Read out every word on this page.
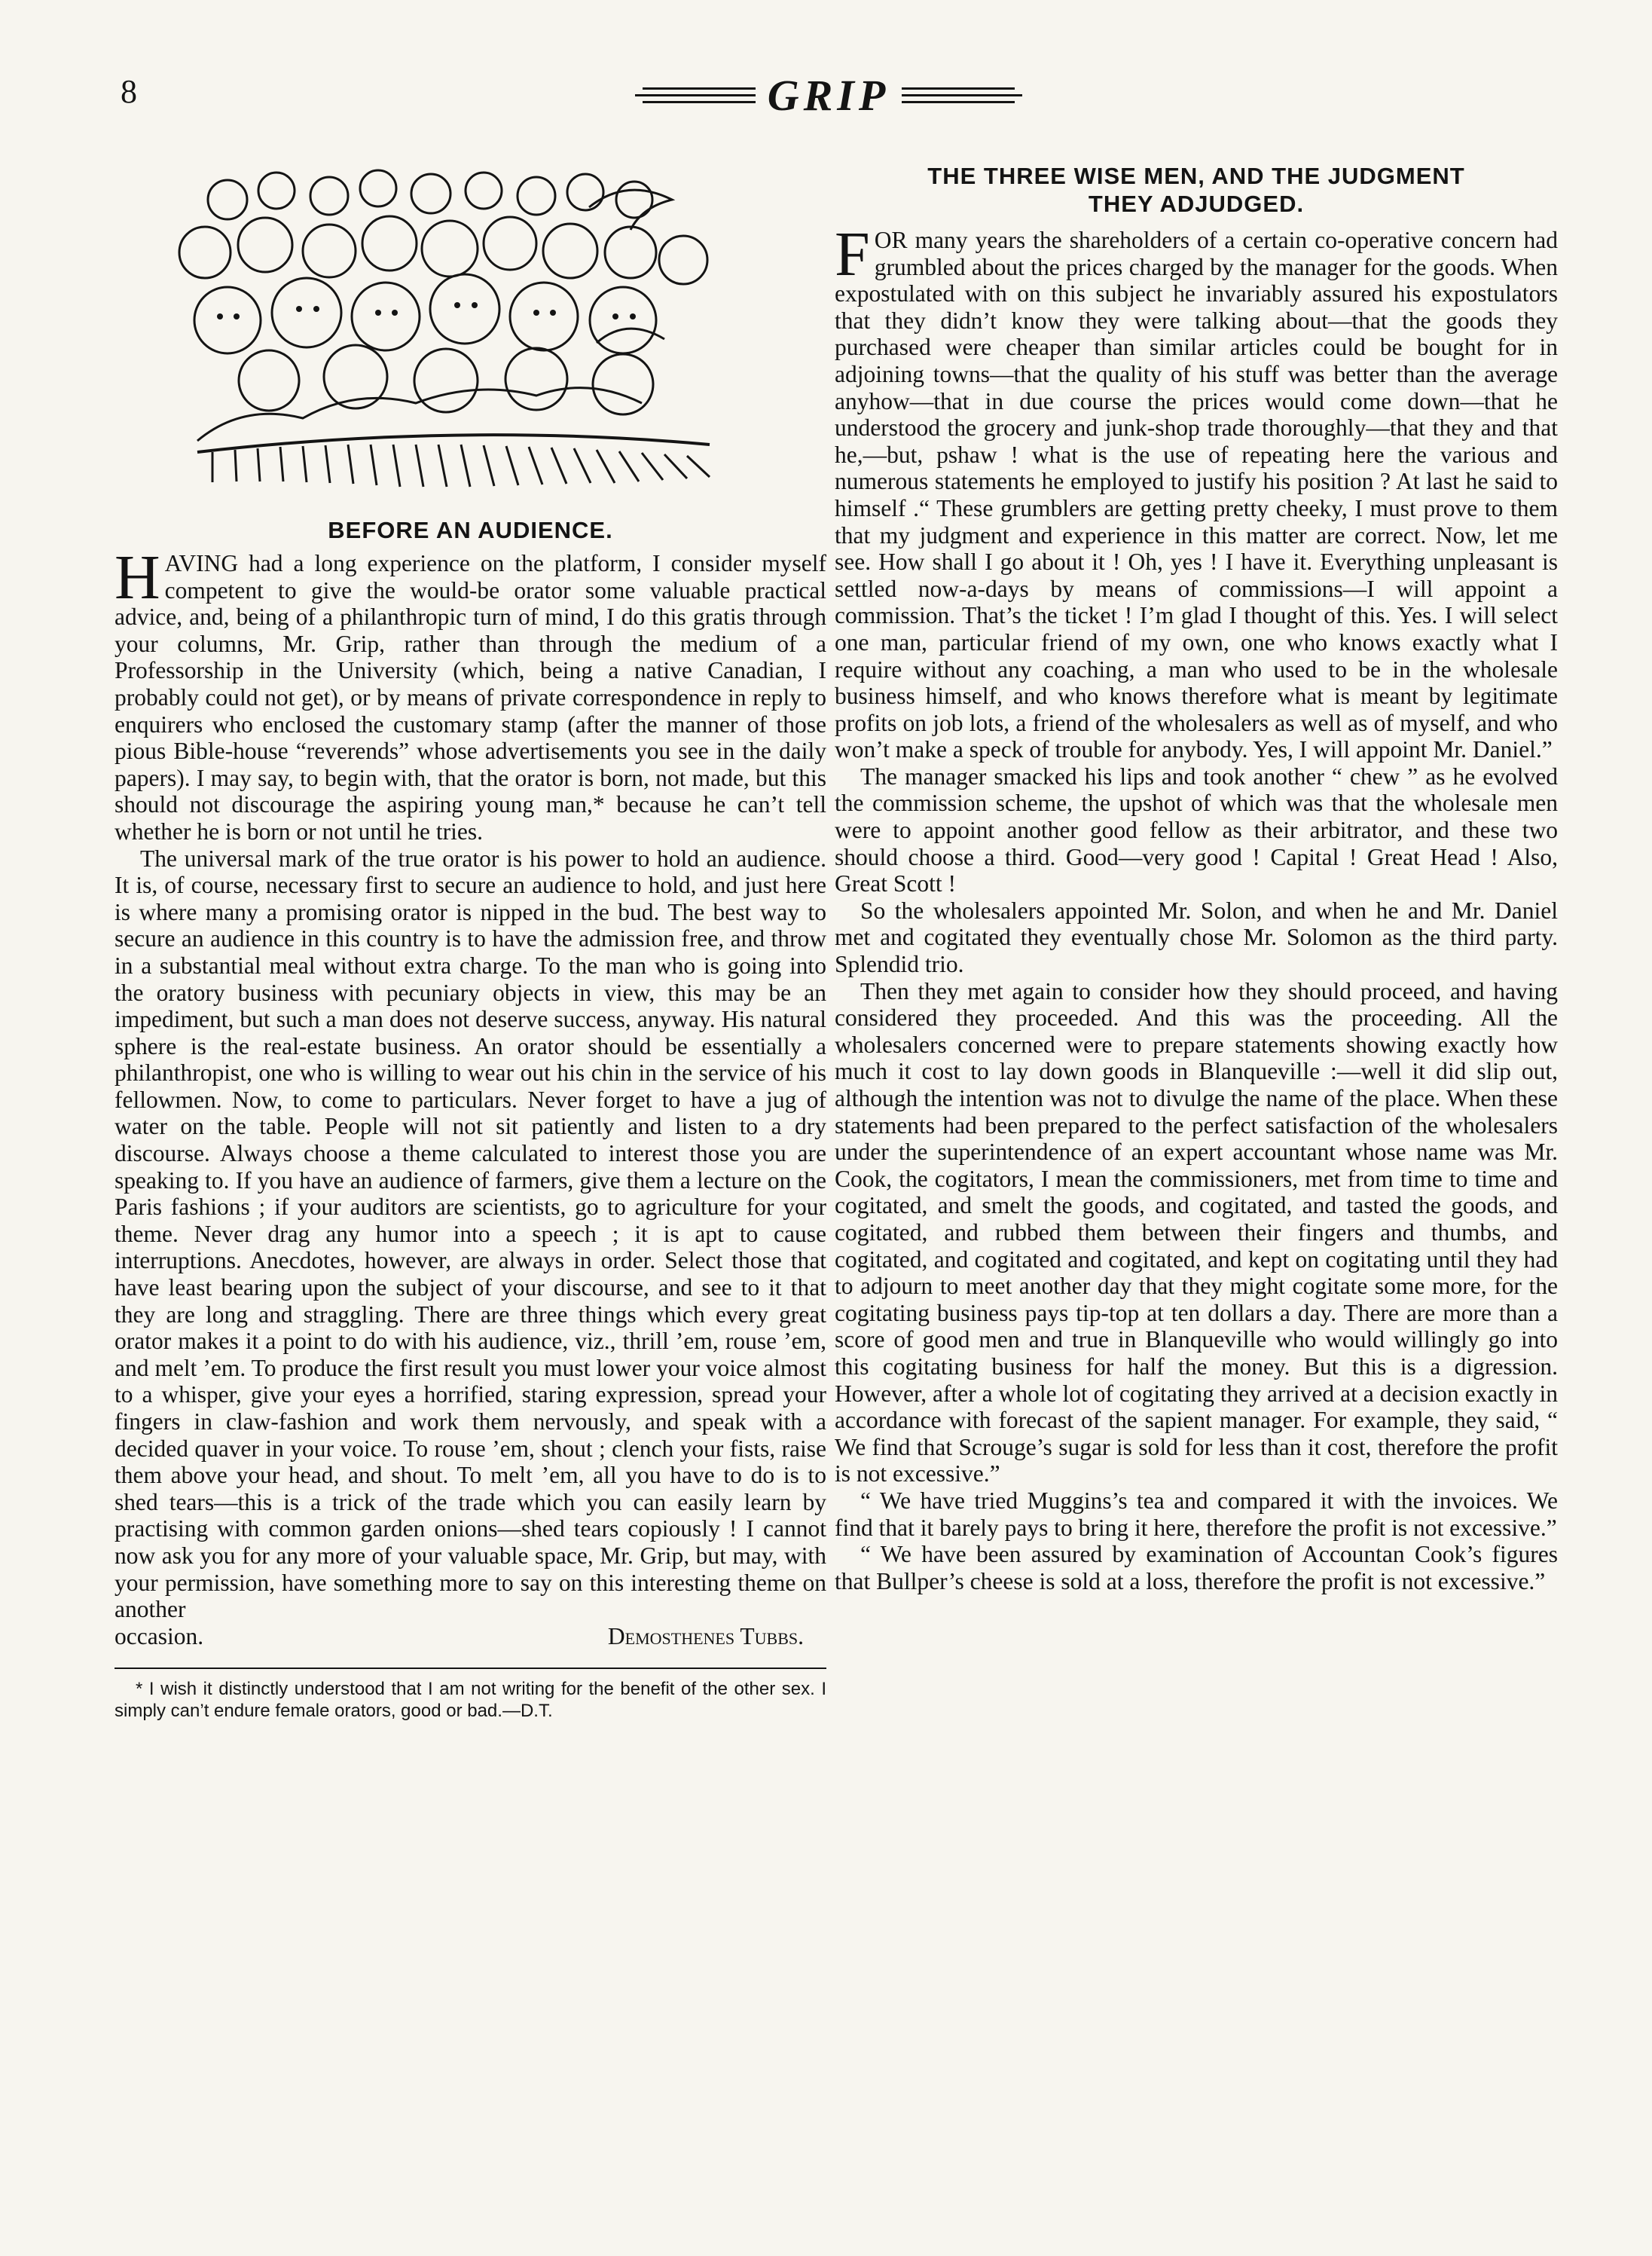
8	GRIP
BEFORE AN AUDIENCE.

HAVING had a long experience on the platform, I consider myself competent to give the would-be orator some valuable practical advice, and, being of a philanthropic turn of mind, I do this gratis through your columns, Mr. Grip, rather than through the medium of a Professorship in the University (which, being a native Canadian, I probably could not get), or by means of private correspondence in reply to enquirers who enclosed the customary stamp (after the manner of those pious Bible-house “reverends” whose advertisements you see in the daily papers). I may say, to begin with, that the orator is born, not made, but this should not discourage the aspiring young man,* because he can’t tell whether he is born or not until he tries.

The universal mark of the true orator is his power to hold an audience. It is, of course, necessary first to secure an audience to hold, and just here is where many a promising orator is nipped in the bud. The best way to secure an audience in this country is to have the admission free, and throw in a substantial meal without extra charge. To the man who is going into the oratory business with pecuniary objects in view, this may be an impediment, but such a man does not deserve success, anyway. His natural sphere is the real-estate business. An orator should be essentially a philanthropist, one who is willing to wear out his chin in the service of his fellowmen. Now, to come to particulars. Never forget to have a jug of water on the table. People will not sit patiently and listen to a dry discourse. Always choose a theme calculated to interest those you are speaking to. If you have an audience of farmers, give them a lecture on the Paris fashions ; if your auditors are scientists, go to agriculture for your theme. Never drag any humor into a speech ; it is apt to cause interruptions. Anecdotes, however, are always in order. Select those that have least bearing upon the subject of your discourse, and see to it that they are long and straggling. There are three things which every great orator makes it a point to do with his audience, viz., thrill ’em, rouse ’em, and melt ’em. To produce the first result you must lower your voice almost to a whisper, give your eyes a horrified, staring expression, spread your fingers in claw-fashion and work them nervously, and speak with a decided quaver in your voice. To rouse ’em, shout ; clench your fists, raise them above your head, and shout. To melt ’em, all you have to do is to shed tears—this is a trick of the trade which you can easily learn by practising with common garden onions—shed tears copiously ! I cannot now ask you for any more of your valuable space, Mr. Grip, but may, with your permission, have something more to say on this interesting theme on another

occasion.	Demosthenes Tubbs.
* I wish it distinctly understood that I am not writing for the benefit of the other sex. I simply can’t endure female orators, good or bad.—D.T.
THE THREE WISE MEN, AND THE JUDGMENT
THEY ADJUDGED.

FOR many years the shareholders of a certain co-operative concern had grumbled about the prices charged by the manager for the goods. When expostulated with on this subject he invariably assured his expostulators that they didn’t know they were talking about—that the goods they purchased were cheaper than similar articles could be bought for in adjoining towns—that the quality of his stuff was better than the average anyhow—that in due course the prices would come down—that he understood the grocery and junk-shop trade thoroughly—that they and that he,—but, pshaw ! what is the use of repeating here the various and numerous statements he employed to justify his position ? At last he said to himself .“ These grumblers are getting pretty cheeky, I must prove to them that my judgment and experience in this matter are correct. Now, let me see. How shall I go about it ! Oh, yes ! I have it. Everything unpleasant is settled now-a-days by means of commissions—I will appoint a commission. That’s the ticket ! I’m glad I thought of this. Yes. I will select one man, particular friend of my own, one who knows exactly what I require without any coaching, a man who used to be in the wholesale business himself, and who knows therefore what is meant by legitimate profits on job lots, a friend of the wholesalers as well as of myself, and who won’t make a speck of trouble for anybody. Yes, I will appoint Mr. Daniel.”

The manager smacked his lips and took another “ chew ” as he evolved the commission scheme, the upshot of which was that the wholesale men were to appoint another good fellow as their arbitrator, and these two should choose a third. Good—very good ! Capital ! Great Head ! Also, Great Scott !

So the wholesalers appointed Mr. Solon, and when he and Mr. Daniel met and cogitated they eventually chose Mr. Solomon as the third party. Splendid trio.

Then they met again to consider how they should proceed, and having considered they proceeded. And this was the proceeding. All the wholesalers concerned were to prepare statements showing exactly how much it cost to lay down goods in Blanqueville :—well it did slip out, although the intention was not to divulge the name of the place. When these statements had been prepared to the perfect satisfaction of the wholesalers under the superintendence of an expert accountant whose name was Mr. Cook, the cogitators, I mean the commissioners, met from time to time and cogitated, and smelt the goods, and cogitated, and tasted the goods, and cogitated, and rubbed them between their fingers and thumbs, and cogitated, and cogitated and cogitated, and kept on cogitating until they had to adjourn to meet another day that they might cogitate some more, for the cogitating business pays tip-top at ten dollars a day. There are more than a score of good men and true in Blanqueville who would willingly go into this cogitating business for half the money. But this is a digression. However, after a whole lot of cogitating they arrived at a decision exactly in accordance with forecast of the sapient manager. For example, they said, “ We find that Scrouge’s sugar is sold for less than it cost, therefore the profit is not excessive.”

“ We have tried Muggins’s tea and compared it with the invoices. We find that it barely pays to bring it here, therefore the profit is not excessive.”

“ We have been assured by examination of Accountan Cook’s figures that Bullper’s cheese is sold at a loss, therefore the profit is not excessive.”
